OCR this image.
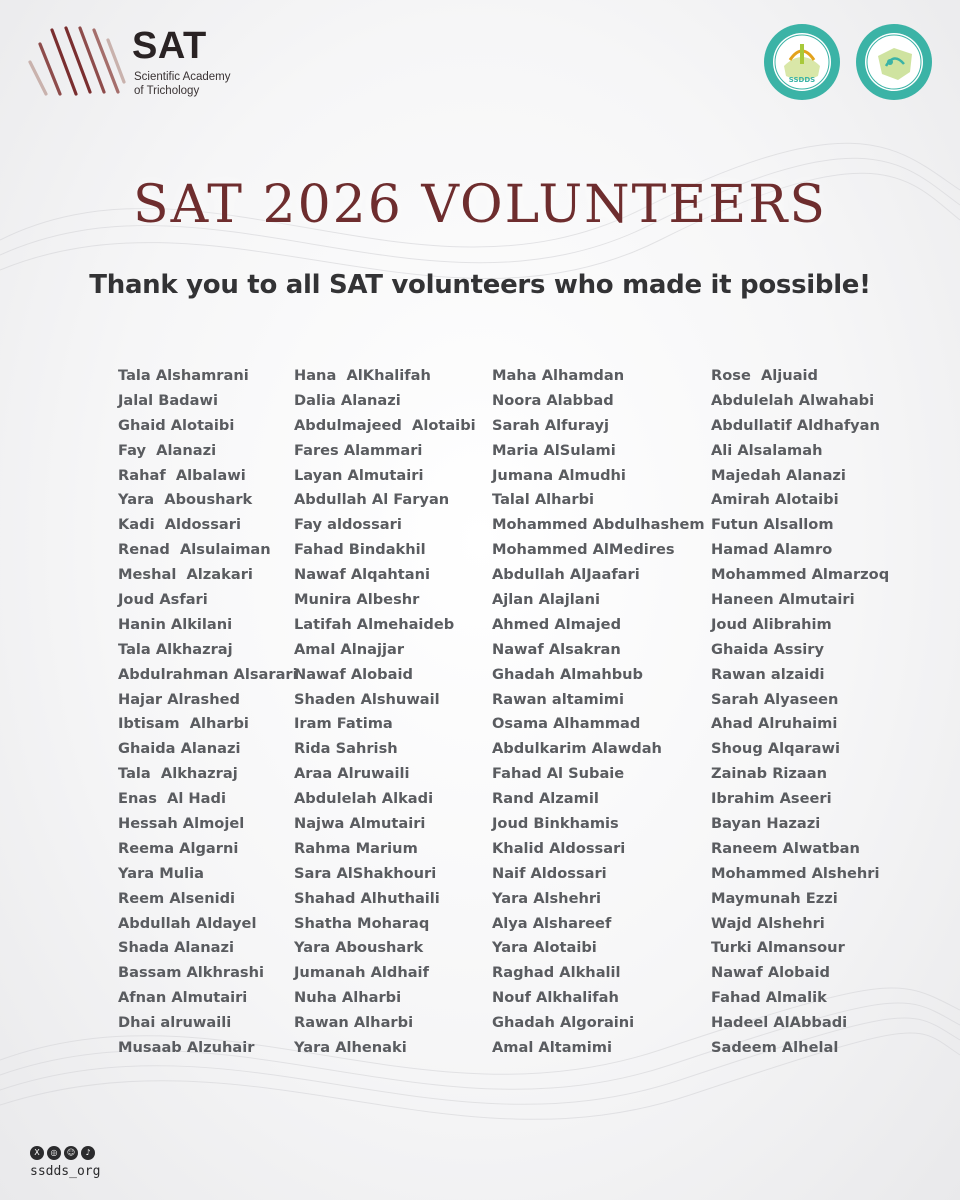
SAT
Scientific Academy
of Trichology
SSDDS
SAT 2026 VOLUNTEERS
Thank you to all SAT volunteers who made it possible!
Tala Alshamrani
Jalal Badawi
Ghaid Alotaibi
Fay  Alanazi
Rahaf  Albalawi
Yara  Aboushark
Kadi  Aldossari
Renad  Alsulaiman
Meshal  Alzakari
Joud Asfari
Hanin Alkilani
Tala Alkhazraj
Abdulrahman Alsarari
Hajar Alrashed
Ibtisam  Alharbi
Ghaida Alanazi
Tala  Alkhazraj
Enas  Al Hadi
Hessah Almojel
Reema Algarni
Yara Mulia
Reem Alsenidi
Abdullah Aldayel
Shada Alanazi
Bassam Alkhrashi
Afnan Almutairi
Dhai alruwaili
Musaab Alzuhair
Hana  AlKhalifah
Dalia Alanazi
Abdulmajeed  Alotaibi
Fares Alammari
Layan Almutairi
Abdullah Al Faryan
Fay aldossari
Fahad Bindakhil
Nawaf Alqahtani
Munira Albeshr
Latifah Almehaideb
Amal Alnajjar
Nawaf Alobaid
Shaden Alshuwail
Iram Fatima
Rida Sahrish
Araa Alruwaili
Abdulelah Alkadi
Najwa Almutairi
Rahma Marium
Sara AlShakhouri
Shahad Alhuthaili
Shatha Moharaq
Yara Aboushark
Jumanah Aldhaif
Nuha Alharbi
Rawan Alharbi
Yara Alhenaki
Maha Alhamdan
Noora Alabbad
Sarah Alfurayj
Maria AlSulami
Jumana Almudhi
Talal Alharbi
Mohammed Abdulhashem
Mohammed AlMedires
Abdullah AlJaafari
Ajlan Alajlani
Ahmed Almajed
Nawaf Alsakran
Ghadah Almahbub
Rawan altamimi
Osama Alhammad
Abdulkarim Alawdah
Fahad Al Subaie
Rand Alzamil
Joud Binkhamis
Khalid Aldossari
Naif Aldossari
Yara Alshehri
Alya Alshareef
Yara Alotaibi
Raghad Alkhalil
Nouf Alkhalifah
Ghadah Algoraini
Amal Altamimi
Rose  Aljuaid
Abdulelah Alwahabi
Abdullatif Aldhafyan
Ali Alsalamah
Majedah Alanazi
Amirah Alotaibi
Futun Alsallom
Hamad Alamro
Mohammed Almarzoq
Haneen Almutairi
Joud Alibrahim
Ghaida Assiry
Rawan alzaidi
Sarah Alyaseen
Ahad Alruhaimi
Shoug Alqarawi
Zainab Rizaan
Ibrahim Aseeri
Bayan Hazazi
Raneem Alwatban
Mohammed Alshehri
Maymunah Ezzi
Wajd Alshehri
Turki Almansour
Nawaf Alobaid
Fahad Almalik
Hadeel AlAbbadi
Sadeem Alhelal
X	◎	☺	♪
ssdds_org
